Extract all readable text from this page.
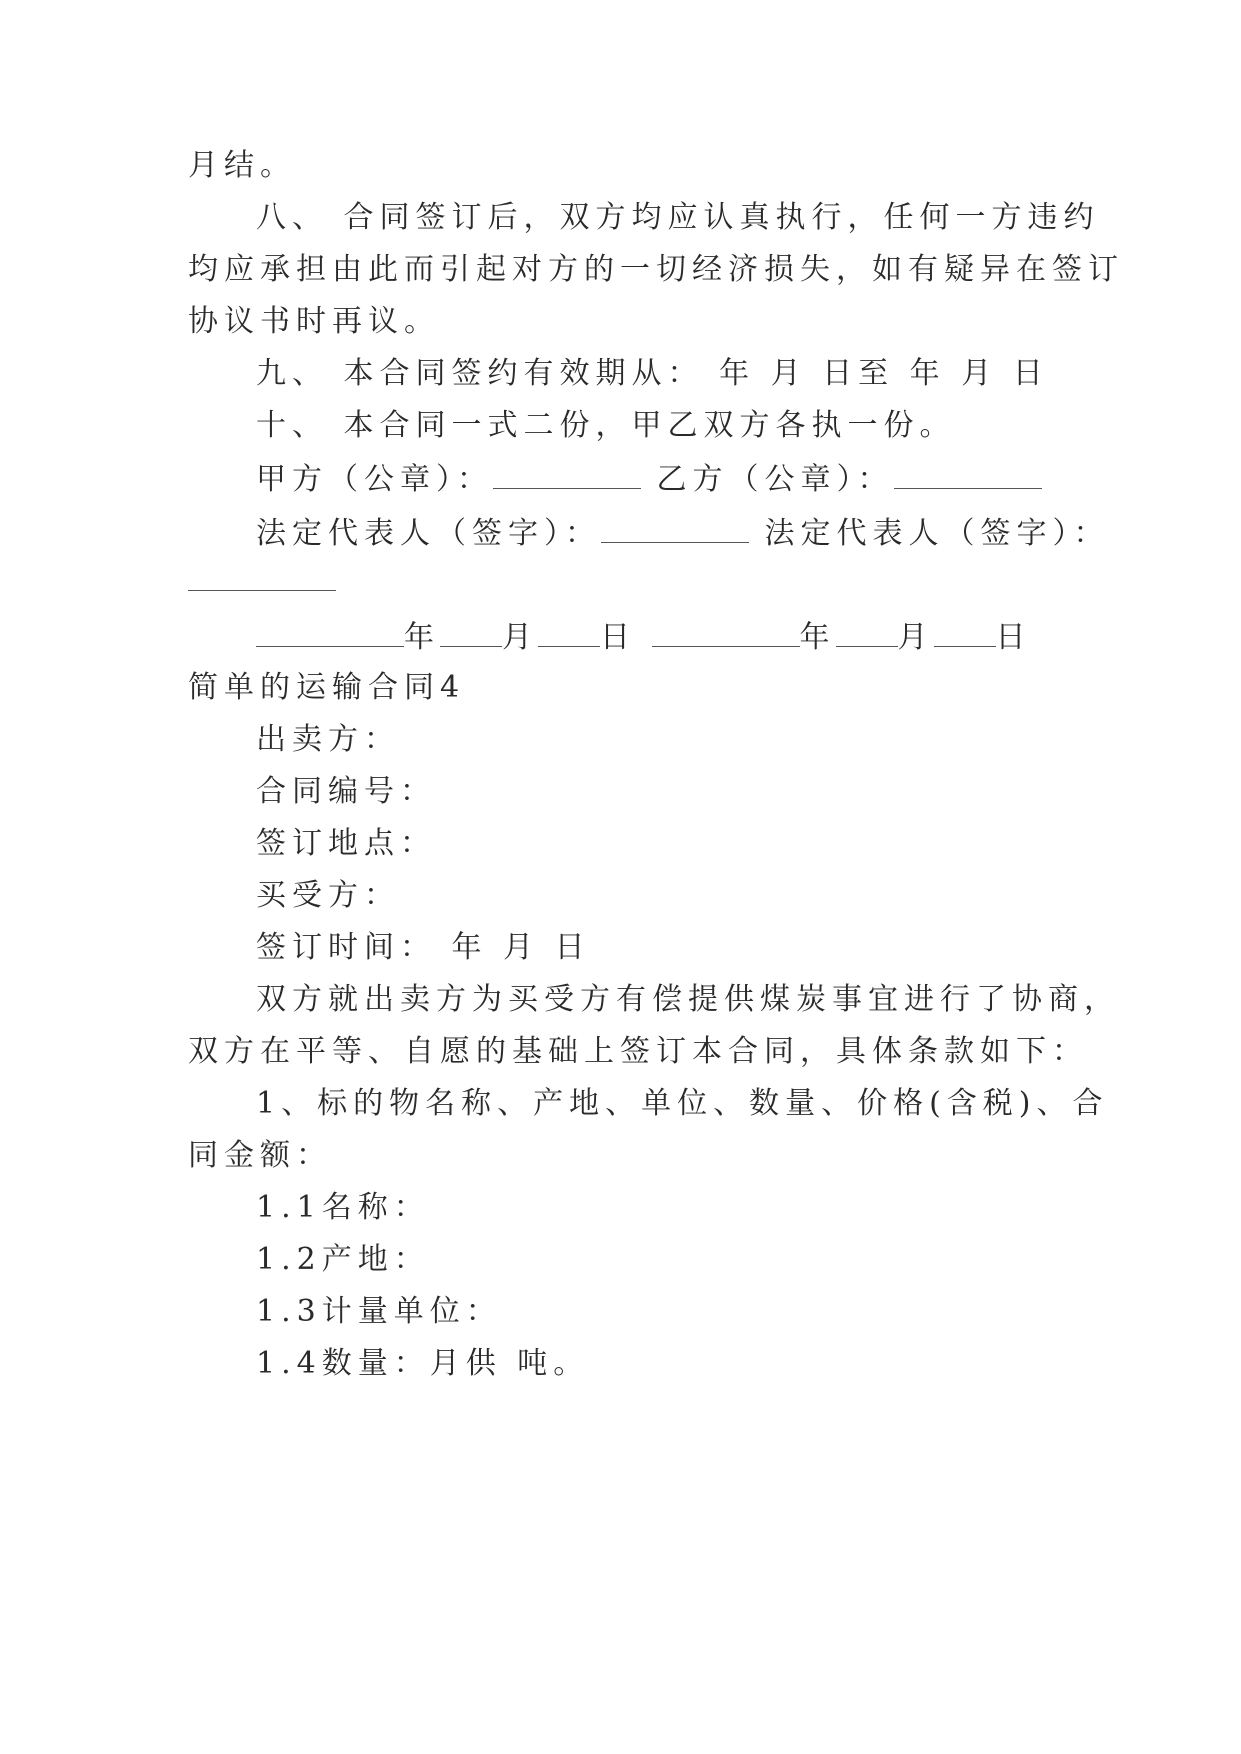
月结。
八、 合同签订后，双方均应认真执行，任何一方违约
均应承担由此而引起对方的一切经济损失，如有疑异在签订
协议书时再议。
九、 本合同签约有效期从： 年 月 日至 年 月 日
十、 本合同一式二份，甲乙双方各执一份。
甲方（公章）：	乙方（公章）：
法定代表人（签字）：	法定代表人（签字）：
年 月 日	年 月 日
简单的运输合同4
出卖方：
合同编号：
签订地点：
买受方：
签订时间： 年 月 日
双方就出卖方为买受方有偿提供煤炭事宜进行了协商，
双方在平等、自愿的基础上签订本合同，具体条款如下：
1、标的物名称、产地、单位、数量、价格(含税)、合
同金额：
1.1名称：
1.2产地：
1.3计量单位：
1.4数量：月供 吨。
